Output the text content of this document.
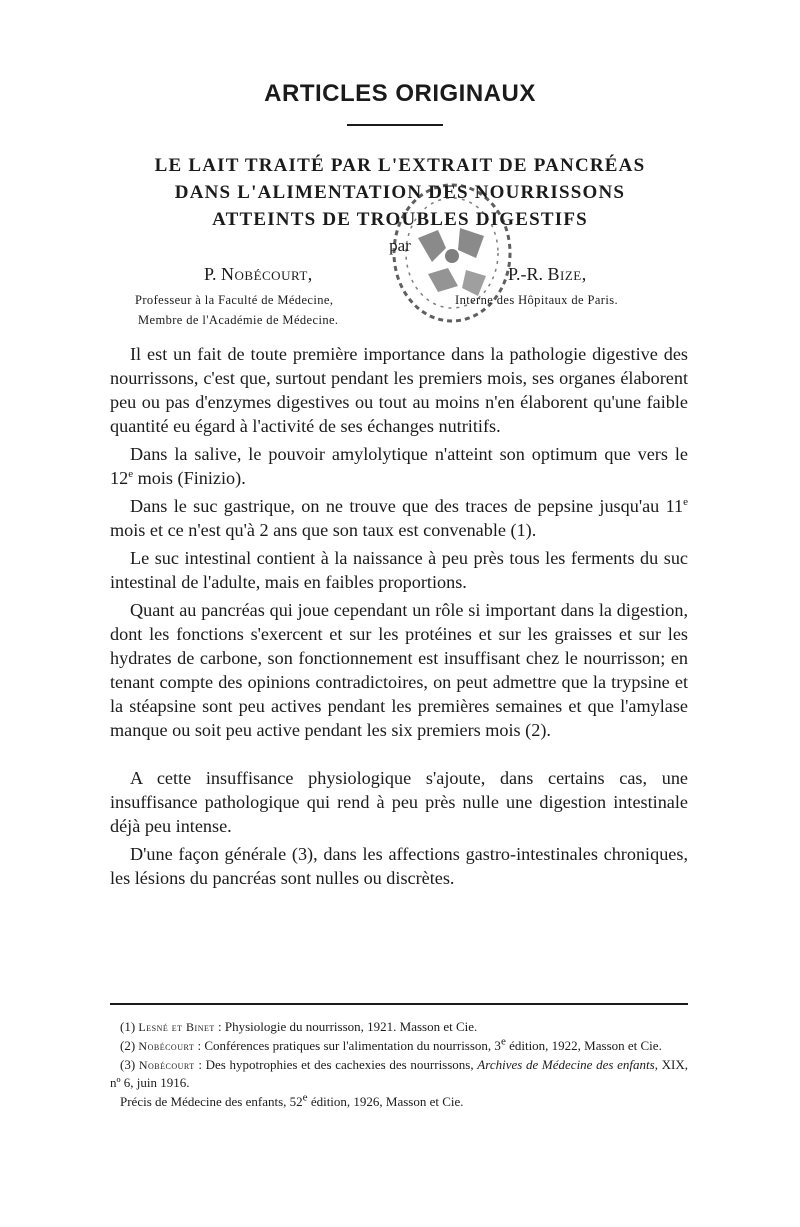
ARTICLES ORIGINAUX
LE LAIT TRAITÉ PAR L'EXTRAIT DE PANCRÉAS
DANS L'ALIMENTATION DES NOURRISSONS
ATTEINTS DE TROUBLES DIGESTIFS
par
P. Nobécourt,	P.-R. Bize,
Professeur à la Faculté de Médecine,	Interne des Hôpitaux de Paris.
Membre de l'Académie de Médecine.

Il est un fait de toute première importance dans la pathologie digestive des nourrissons, c'est que, surtout pendant les premiers mois, ses organes élaborent peu ou pas d'enzymes digestives ou tout au moins n'en élaborent qu'une faible quantité eu égard à l'activité de ses échanges nutritifs.

Dans la salive, le pouvoir amylolytique n'atteint son optimum que vers le 12e mois (Finizio).

Dans le suc gastrique, on ne trouve que des traces de pepsine jusqu'au 11e mois et ce n'est qu'à 2 ans que son taux est convenable (1).

Le suc intestinal contient à la naissance à peu près tous les ferments du suc intestinal de l'adulte, mais en faibles proportions.

Quant au pancréas qui joue cependant un rôle si important dans la digestion, dont les fonctions s'exercent et sur les protéines et sur les graisses et sur les hydrates de carbone, son fonctionnement est insuffisant chez le nourrisson; en tenant compte des opinions contradictoires, on peut admettre que la trypsine et la stéapsine sont peu actives pendant les premières semaines et que l'amylase manque ou soit peu active pendant les six premiers mois (2).

A cette insuffisance physiologique s'ajoute, dans certains cas, une insuffisance pathologique qui rend à peu près nulle une digestion intestinale déjà peu intense.

D'une façon générale (3), dans les affections gastro-intestinales chroniques, les lésions du pancréas sont nulles ou discrètes.

(1) Lesné et Binet : Physiologie du nourrisson, 1921. Masson et Cie.

(2) Nobécourt : Conférences pratiques sur l'alimentation du nourrisson, 3e édition, 1922, Masson et Cie.

(3) Nobécourt : Des hypotrophies et des cachexies des nourrissons, Archives de Médecine des enfants, XIX, nº 6, juin 1916.

Précis de Médecine des enfants, 52e édition, 1926, Masson et Cie.
